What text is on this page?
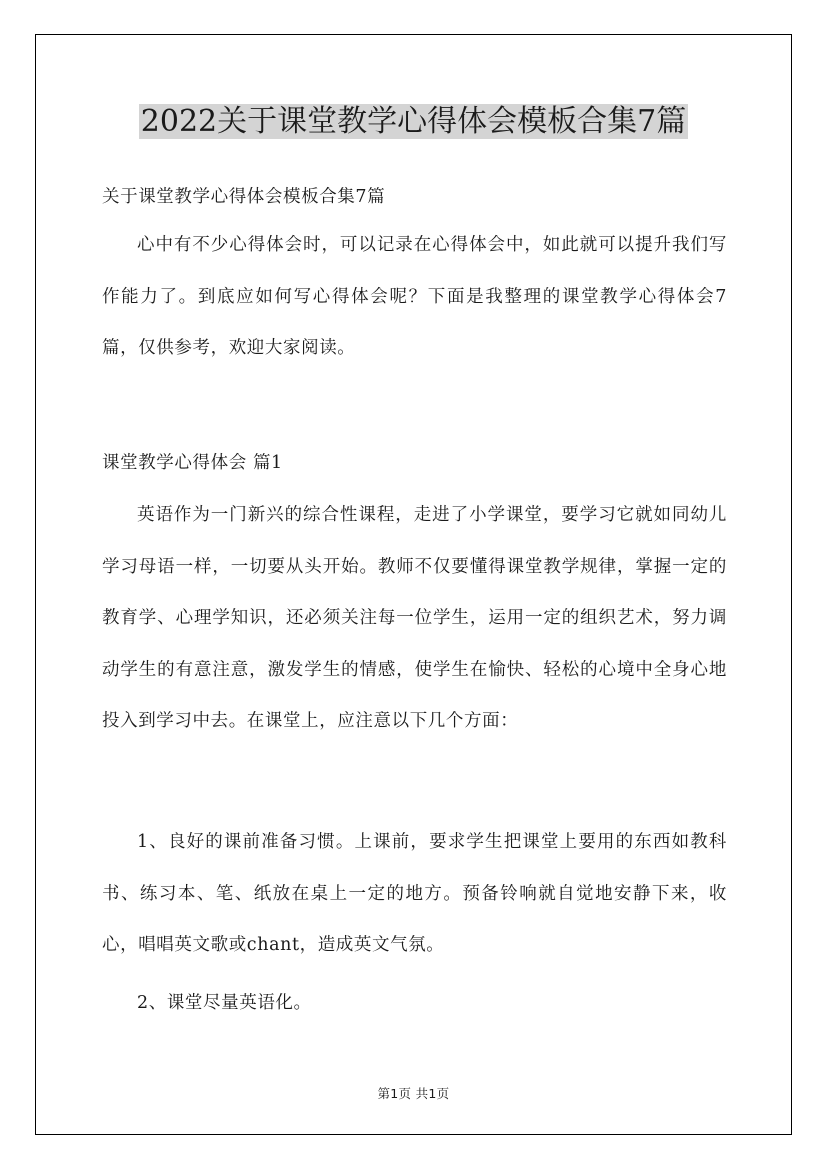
2022关于课堂教学心得体会模板合集7篇
关于课堂教学心得体会模板合集7篇
心中有不少心得体会时，可以记录在心得体会中，如此就可以提升我们写作能力了。到底应如何写心得体会呢？下面是我整理的课堂教学心得体会7篇，仅供参考，欢迎大家阅读。
课堂教学心得体会 篇1
英语作为一门新兴的综合性课程，走进了小学课堂，要学习它就如同幼儿学习母语一样，一切要从头开始。教师不仅要懂得课堂教学规律，掌握一定的教育学、心理学知识，还必须关注每一位学生，运用一定的组织艺术，努力调动学生的有意注意，激发学生的情感，使学生在愉快、轻松的心境中全身心地投入到学习中去。在课堂上，应注意以下几个方面：
1、良好的课前准备习惯。上课前，要求学生把课堂上要用的东西如教科书、练习本、笔、纸放在桌上一定的地方。预备铃响就自觉地安静下来，收心，唱唱英文歌或chant，造成英文气氛。
2、课堂尽量英语化。
第1页 共1页
